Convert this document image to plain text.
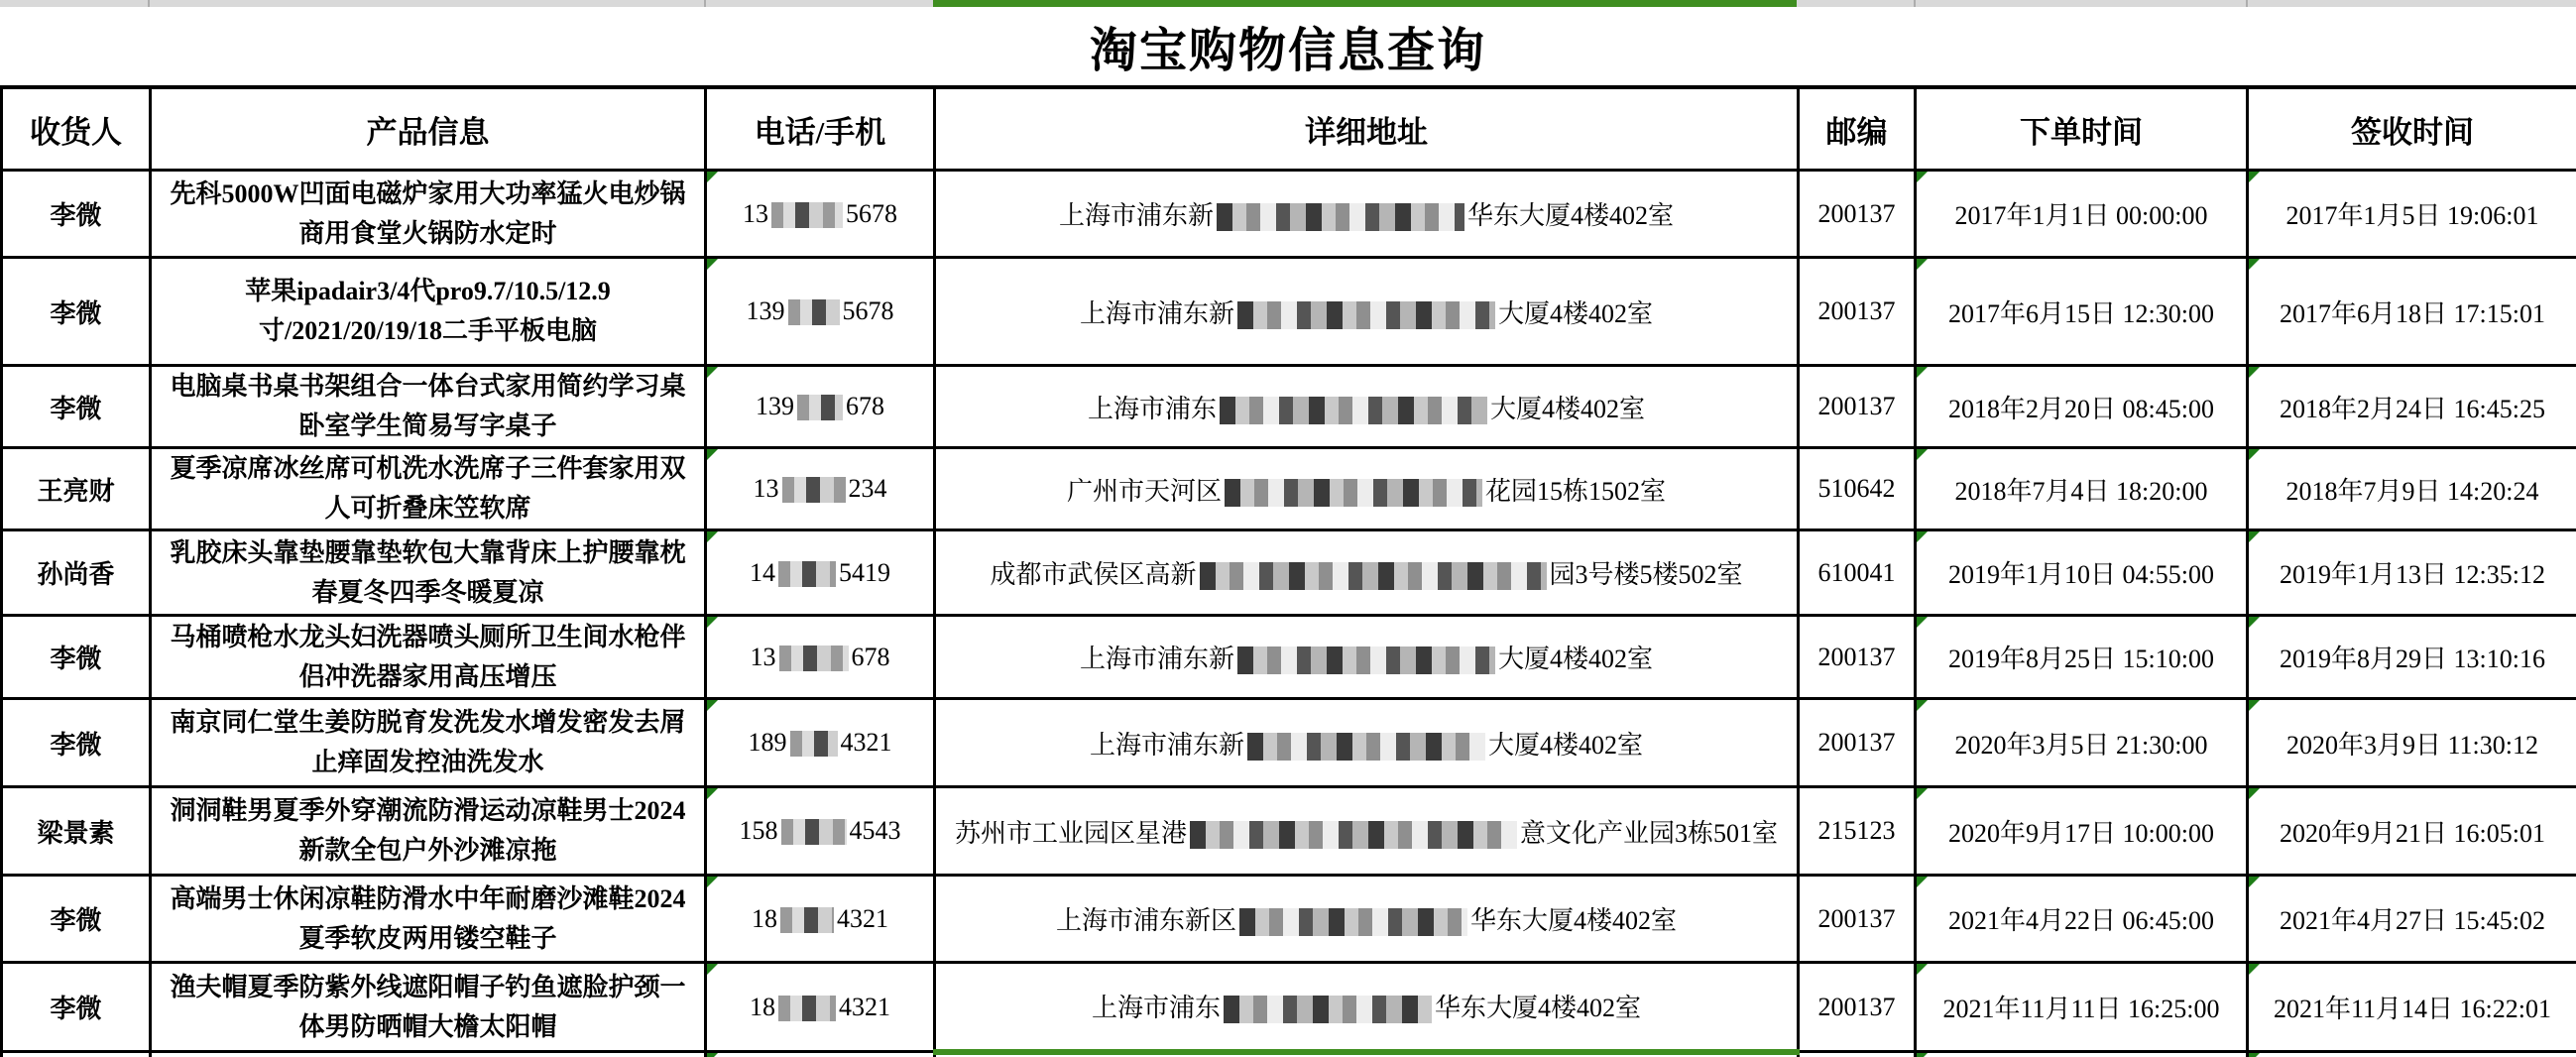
淘宝购物信息查询
收货人	产品信息	电话/手机	详细地址	邮编	下单时间	签收时间
李微	先科5000W凹面电磁炉家用大功率猛火电炒锅商用食堂火锅防水定时	13 5678	上海市浦东新 华东大厦4楼402室	200137	2017年1月1日 00:00:00	2017年1月5日 19:06:01
李微	苹果ipadair3/4代pro9.7/10.5/12.9寸/2021/20/19/18二手平板电脑	139 5678	上海市浦东新 大厦4楼402室	200137	2017年6月15日 12:30:00	2017年6月18日 17:15:01
李微	电脑桌书桌书架组合一体台式家用简约学习桌卧室学生简易写字桌子	139 678	上海市浦东 大厦4楼402室	200137	2018年2月20日 08:45:00	2018年2月24日 16:45:25
王亮财	夏季凉席冰丝席可机洗水洗席子三件套家用双人可折叠床笠软席	13 234	广州市天河区 花园15栋1502室	510642	2018年7月4日 18:20:00	2018年7月9日 14:20:24
孙尚香	乳胶床头靠垫腰靠垫软包大靠背床上护腰靠枕春夏冬四季冬暖夏凉	14 5419	成都市武侯区高新 园3号楼5楼502室	610041	2019年1月10日 04:55:00	2019年1月13日 12:35:12
李微	马桶喷枪水龙头妇洗器喷头厕所卫生间水枪伴侣冲洗器家用高压增压	13 678	上海市浦东新 大厦4楼402室	200137	2019年8月25日 15:10:00	2019年8月29日 13:10:16
李微	南京同仁堂生姜防脱育发洗发水增发密发去屑止痒固发控油洗发水	189 4321	上海市浦东新 大厦4楼402室	200137	2020年3月5日 21:30:00	2020年3月9日 11:30:12
梁景素	洞洞鞋男夏季外穿潮流防滑运动凉鞋男士2024新款全包户外沙滩凉拖	158 4543	苏州市工业园区星港 意文化产业园3栋501室	215123	2020年9月17日 10:00:00	2020年9月21日 16:05:01
李微	高端男士休闲凉鞋防滑水中年耐磨沙滩鞋2024夏季软皮两用镂空鞋子	18 4321	上海市浦东新区 华东大厦4楼402室	200137	2021年4月22日 06:45:00	2021年4月27日 15:45:02
李微	渔夫帽夏季防紫外线遮阳帽子钓鱼遮脸护颈一体男防晒帽大檐太阳帽	18 4321	上海市浦东 华东大厦4楼402室	200137	2021年11月11日 16:25:00	2021年11月14日 16:22:01
